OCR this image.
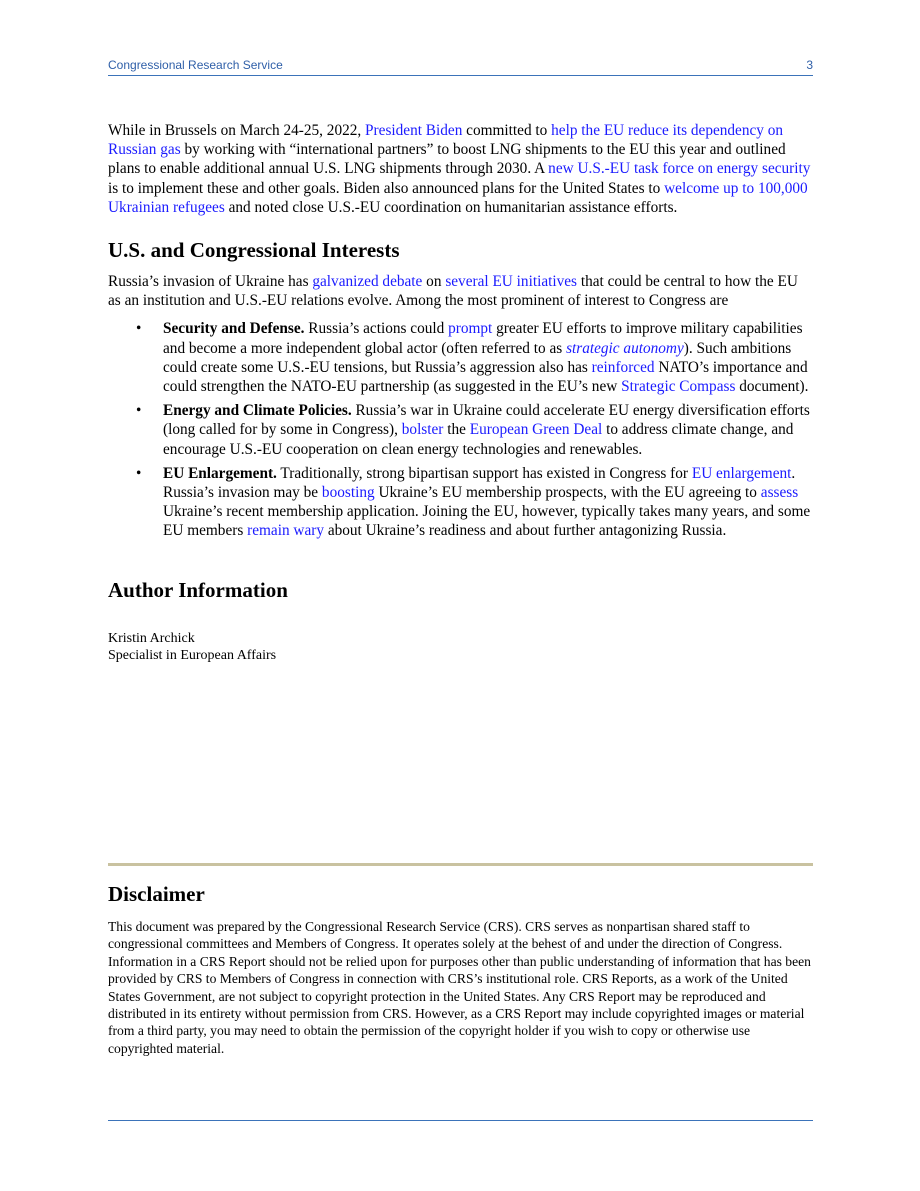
Congressional Research Service	3

While in Brussels on March 24-25, 2022, President Biden committed to help the EU reduce its dependency on Russian gas by working with “international partners” to boost LNG shipments to the EU this year and outlined plans to enable additional annual U.S. LNG shipments through 2030. A new U.S.-EU task force on energy security is to implement these and other goals. Biden also announced plans for the United States to welcome up to 100,000 Ukrainian refugees and noted close U.S.-EU coordination on humanitarian assistance efforts.

U.S. and Congressional Interests

Russia’s invasion of Ukraine has galvanized debate on several EU initiatives that could be central to how the EU as an institution and U.S.-EU relations evolve. Among the most prominent of interest to Congress are

• Security and Defense. Russia’s actions could prompt greater EU efforts to improve military capabilities and become a more independent global actor (often referred to as strategic autonomy). Such ambitions could create some U.S.-EU tensions, but Russia’s aggression also has reinforced NATO’s importance and could strengthen the NATO-EU partnership (as suggested in the EU’s new Strategic Compass document).
• Energy and Climate Policies. Russia’s war in Ukraine could accelerate EU energy diversification efforts (long called for by some in Congress), bolster the European Green Deal to address climate change, and encourage U.S.-EU cooperation on clean energy technologies and renewables.
• EU Enlargement. Traditionally, strong bipartisan support has existed in Congress for EU enlargement. Russia’s invasion may be boosting Ukraine’s EU membership prospects, with the EU agreeing to assess Ukraine’s recent membership application. Joining the EU, however, typically takes many years, and some EU members remain wary about Ukraine’s readiness and about further antagonizing Russia.
Author Information
Kristin Archick
Specialist in European Affairs
Disclaimer

This document was prepared by the Congressional Research Service (CRS). CRS serves as nonpartisan shared staff to congressional committees and Members of Congress. It operates solely at the behest of and under the direction of Congress. Information in a CRS Report should not be relied upon for purposes other than public understanding of information that has been provided by CRS to Members of Congress in connection with CRS’s institutional role. CRS Reports, as a work of the United States Government, are not subject to copyright protection in the United States. Any CRS Report may be reproduced and distributed in its entirety without permission from CRS. However, as a CRS Report may include copyrighted images or material from a third party, you may need to obtain the permission of the copyright holder if you wish to copy or otherwise use copyrighted material.
